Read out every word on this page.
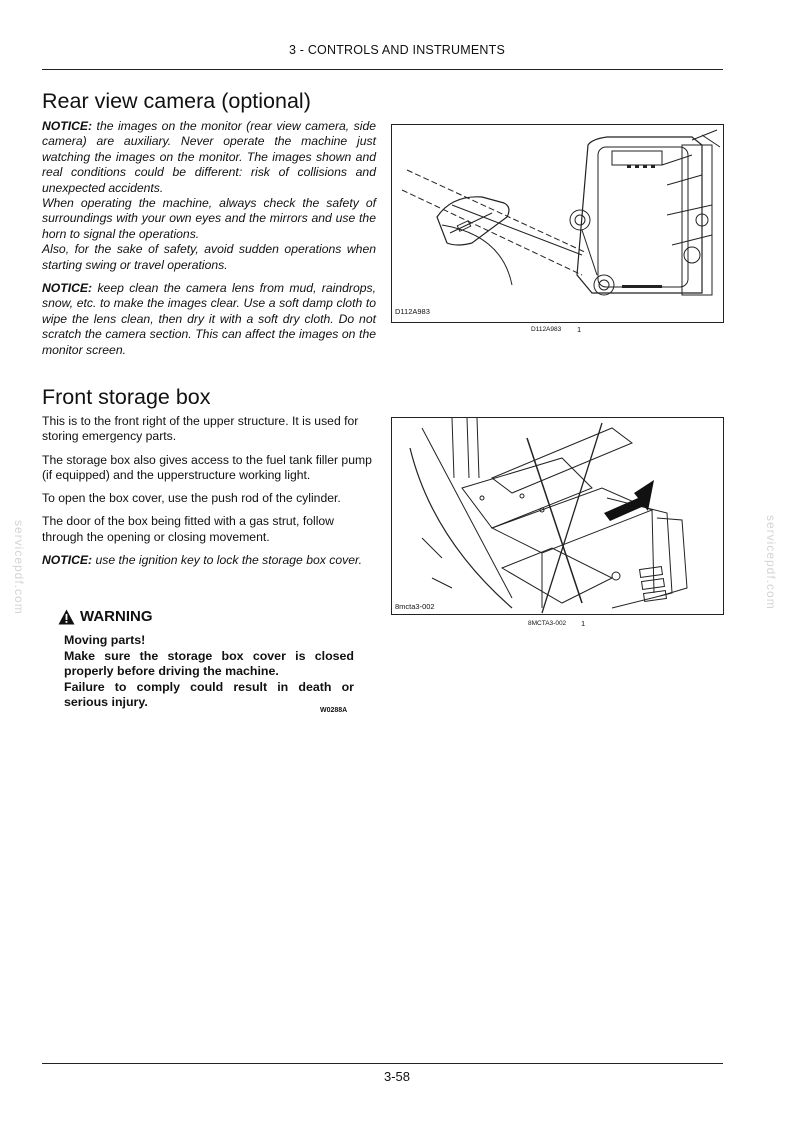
3 - CONTROLS AND INSTRUMENTS
Rear view camera (optional)

NOTICE: the images on the monitor (rear view camera, side camera) are auxiliary. Never operate the machine just watching the images on the monitor. The images shown and real conditions could be different: risk of collisions and unexpected accidents.

When operating the machine, always check the safety of surroundings with your own eyes and the mirrors and use the horn to signal the operations.

Also, for the sake of safety, avoid sudden operations when starting swing or travel operations.

NOTICE: keep clean the camera lens from mud, raindrops, snow, etc. to make the images clear. Use a soft damp cloth to wipe the lens clean, then dry it with a soft dry cloth. Do not scratch the camera section. This can affect the images on the monitor screen.

D112A983
D112A983 1
Front storage box

This is to the front right of the upper structure. It is used for storing emergency parts.

The storage box also gives access to the fuel tank filler pump (if equipped) and the upperstructure working light.

To open the box cover, use the push rod of the cylinder.

The door of the box being fitted with a gas strut, follow through the opening or closing movement.

NOTICE: use the ignition key to lock the storage box cover.

8mcta3-002
8MCTA3-002 1
WARNING

Moving parts!

Make sure the storage box cover is closed properly before driving the machine.

Failure to comply could result in death or serious injury.

W0288A
servicepdf.com	servicepdf.com
3-58
